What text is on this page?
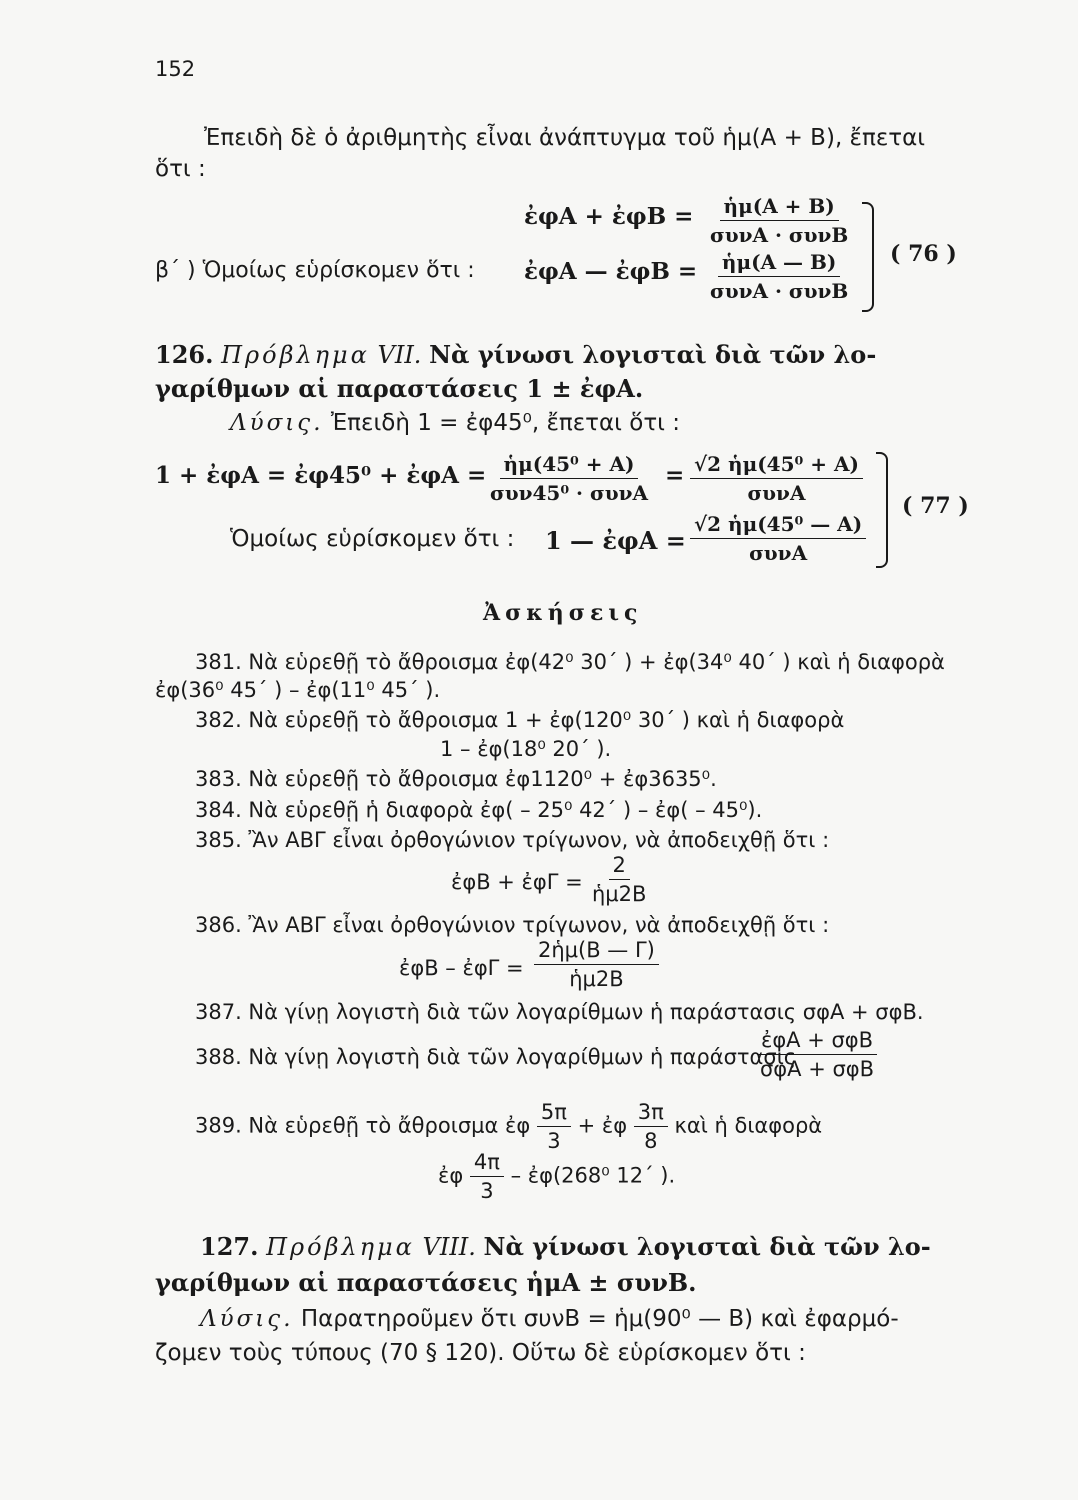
152
Ἐπειδὴ δὲ ὁ ἀριθμητὴς εἶναι ἀνάπτυγμα τοῦ ἡμ(Α + Β), ἔπεται
ὅτι :
ἐφΑ + ἐφΒ = $\frac{\text{ἡμ(Α + Β)}}{\text{συνΑ · συνΒ}}$
β΄ ) Ὁμοίως εὑρίσκομεν ὅτι : ἐφΑ — ἐφΒ = $\frac{\text{ἡμ(Α — Β)}}{\text{συνΑ · συνΒ}}$ ( 76 )
126. Πρόβλημα VII. Νὰ γίνωσι λογισταὶ διὰ τῶν λο-
γαρίθμων αἱ παραστάσεις 1 ± ἐφΑ.
Λύσις. Ἐπειδὴ 1 = ἐφ45⁰, ἔπεται ὅτι :
1 + ἐφΑ = ἐφ45⁰ + ἐφΑ = $\frac{\text{ἡμ(45⁰ + Α)}}{\text{συν45⁰ · συνΑ}} = \frac{\text{√2 ἡμ(45⁰ + Α)}}{\text{συνΑ}}$
Ὁμοίως εὑρίσκομεν ὅτι : 1 — ἐφΑ = $\frac{\text{√2 ἡμ(45⁰ — Α)}}{\text{συνΑ}}$
( 77 )
Ἀσκήσεις
381. Νὰ εὑρεθῇ τὸ ἄθροισμα ἐφ(42⁰ 30΄ ) + ἐφ(34⁰ 40΄ ) καὶ ἡ διαφορὰ
ἐφ(36⁰ 45΄ ) – ἐφ(11⁰ 45΄ ).
382. Νὰ εὑρεθῇ τὸ ἄθροισμα 1 + ἐφ(120⁰ 30΄ ) καὶ ἡ διαφορὰ
1 – ἐφ(18⁰ 20΄ ).
383. Νὰ εὑρεθῇ τὸ ἄθροισμα ἐφ1120⁰ + ἐφ3635⁰.
384. Νὰ εὑρεθῇ ἡ διαφορὰ ἐφ( – 25⁰ 42΄ ) – ἐφ( – 45⁰).
385. Ἂν ΑΒΓ εἶναι ὀρθογώνιον τρίγωνον, νὰ ἀποδειχθῇ ὅτι :
ἐφΒ + ἐφΓ = $\frac{2}{\text{ἡμ2Β}}$
386. Ἂν ΑΒΓ εἶναι ὀρθογώνιον τρίγωνον, νὰ ἀποδειχθῇ ὅτι :
ἐφΒ – ἐφΓ = $\frac{\text{2ἡμ(Β — Γ)}}{\text{ἡμ2Β}}$
387. Νὰ γίνῃ λογιστὴ διὰ τῶν λογαρίθμων ἡ παράστασις σφΑ + σφΒ.
388. Νὰ γίνῃ λογιστὴ διὰ τῶν λογαρίθμων ἡ παράστασις
$\frac{\text{ἐφΑ + σφΒ}}{\text{σφΑ + σφΒ}}$
389. Νὰ εὑρεθῇ τὸ ἄθροισμα ἐφ $\frac{5\pi}{3}$ + ἐφ $\frac{3\pi}{8}$ καὶ ἡ διαφορὰ
ἐφ $\frac{4\pi}{3}$ – ἐφ(268⁰ 12΄ ).
127. Πρόβλημα VIII. Νὰ γίνωσι λογισταὶ διὰ τῶν λο-
γαρίθμων αἱ παραστάσεις ἡμΑ ± συνΒ.
Λύσις. Παρατηροῦμεν ὅτι συνΒ = ἡμ(90⁰ — Β) καὶ ἐφαρμό-
ζομεν τοὺς τύπους (70 § 120). Οὕτω δὲ εὑρίσκομεν ὅτι :
